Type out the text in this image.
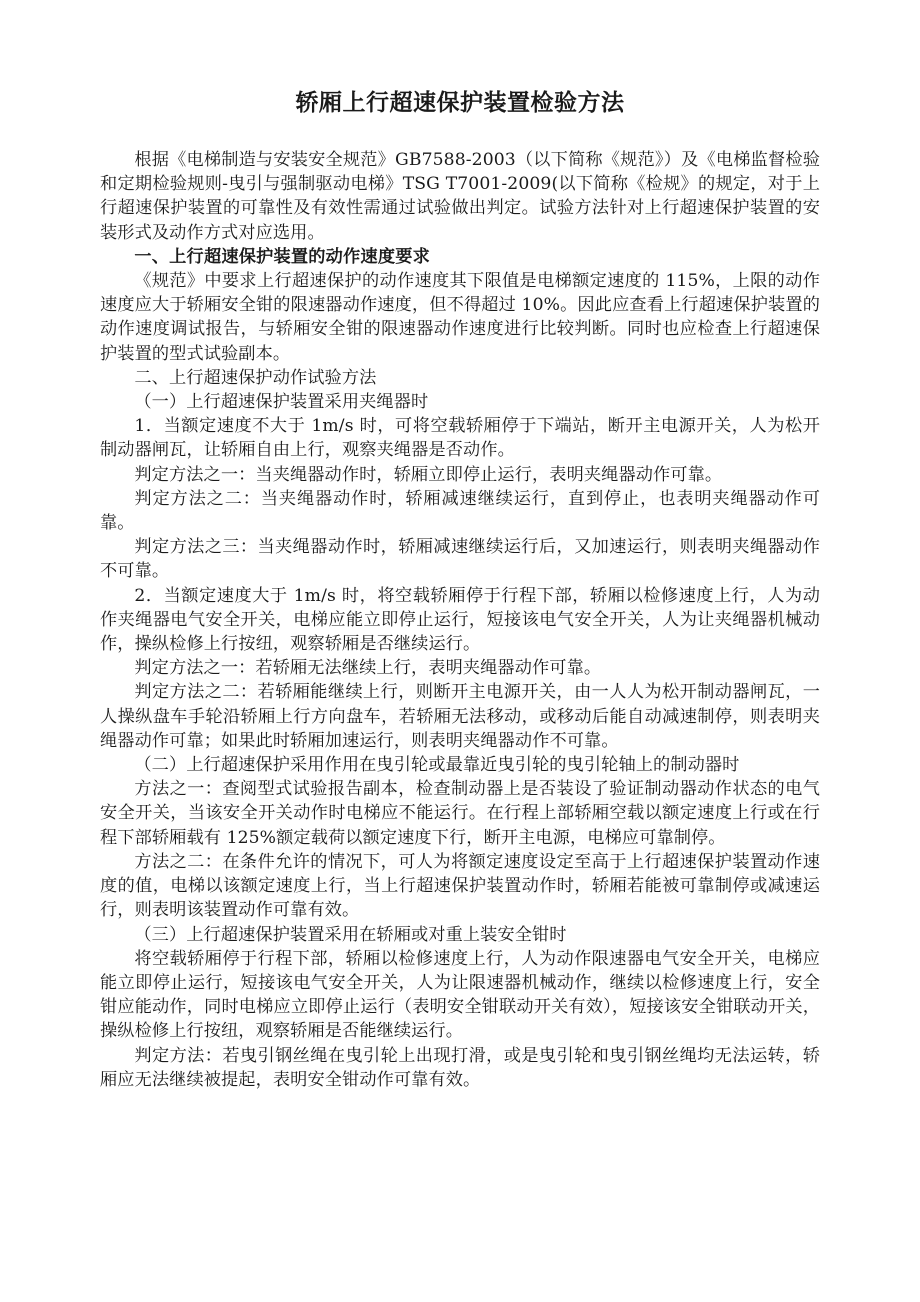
轿厢上行超速保护装置检验方法

根据《电梯制造与安装安全规范》GB7588-2003（以下简称《规范》）及《电梯监督检验和定期检验规则-曳引与强制驱动电梯》TSG T7001-2009(以下简称《检规》的规定，对于上行超速保护装置的可靠性及有效性需通过试验做出判定。试验方法针对上行超速保护装置的安装形式及动作方式对应选用。

一、上行超速保护装置的动作速度要求

《规范》中要求上行超速保护的动作速度其下限值是电梯额定速度的 115%，上限的动作速度应大于轿厢安全钳的限速器动作速度，但不得超过 10%。因此应查看上行超速保护装置的动作速度调试报告，与轿厢安全钳的限速器动作速度进行比较判断。同时也应检查上行超速保护装置的型式试验副本。

二、上行超速保护动作试验方法

（一）上行超速保护装置采用夹绳器时

1．当额定速度不大于 1m/s 时，可将空载轿厢停于下端站，断开主电源开关，人为松开制动器闸瓦，让轿厢自由上行，观察夹绳器是否动作。

判定方法之一：当夹绳器动作时，轿厢立即停止运行，表明夹绳器动作可靠。

判定方法之二：当夹绳器动作时，轿厢减速继续运行，直到停止，也表明夹绳器动作可靠。

判定方法之三：当夹绳器动作时，轿厢减速继续运行后，又加速运行，则表明夹绳器动作不可靠。

2．当额定速度大于 1m/s 时，将空载轿厢停于行程下部，轿厢以检修速度上行，人为动作夹绳器电气安全开关，电梯应能立即停止运行，短接该电气安全开关，人为让夹绳器机械动作，操纵检修上行按纽，观察轿厢是否继续运行。

判定方法之一：若轿厢无法继续上行，表明夹绳器动作可靠。

判定方法之二：若轿厢能继续上行，则断开主电源开关，由一人人为松开制动器闸瓦，一人操纵盘车手轮沿轿厢上行方向盘车，若轿厢无法移动，或移动后能自动减速制停，则表明夹绳器动作可靠；如果此时轿厢加速运行，则表明夹绳器动作不可靠。

（二）上行超速保护采用作用在曳引轮或最靠近曳引轮的曳引轮轴上的制动器时

方法之一：查阅型式试验报告副本，检查制动器上是否装设了验证制动器动作状态的电气安全开关，当该安全开关动作时电梯应不能运行。在行程上部轿厢空载以额定速度上行或在行程下部轿厢载有 125%额定载荷以额定速度下行，断开主电源，电梯应可靠制停。

方法之二：在条件允许的情况下，可人为将额定速度设定至高于上行超速保护装置动作速度的值，电梯以该额定速度上行，当上行超速保护装置动作时，轿厢若能被可靠制停或减速运行，则表明该装置动作可靠有效。

（三）上行超速保护装置采用在轿厢或对重上装安全钳时

将空载轿厢停于行程下部，轿厢以检修速度上行，人为动作限速器电气安全开关，电梯应能立即停止运行，短接该电气安全开关，人为让限速器机械动作，继续以检修速度上行，安全钳应能动作，同时电梯应立即停止运行（表明安全钳联动开关有效），短接该安全钳联动开关，操纵检修上行按纽，观察轿厢是否能继续运行。

判定方法：若曳引钢丝绳在曳引轮上出现打滑，或是曳引轮和曳引钢丝绳均无法运转，轿厢应无法继续被提起，表明安全钳动作可靠有效。
